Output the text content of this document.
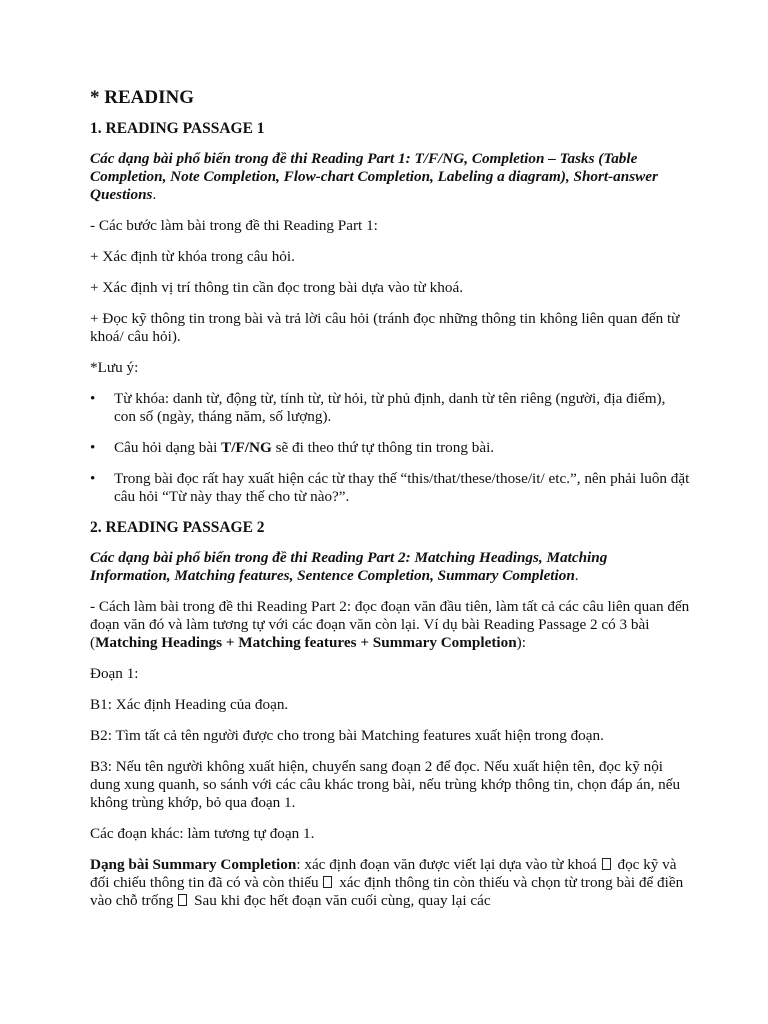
* READING
1. READING PASSAGE 1

Các dạng bài phổ biến trong đề thi Reading Part 1: T/F/NG, Completion – Tasks (Table Completion, Note Completion, Flow-chart Completion, Labeling a diagram), Short-answer Questions.

- Các bước làm bài trong đề thi Reading Part 1:

+ Xác định từ khóa trong câu hỏi.

+ Xác định vị trí thông tin cần đọc trong bài dựa vào từ khoá.

+ Đọc kỹ thông tin trong bài và trả lời câu hỏi (tránh đọc những thông tin không liên quan đến từ khoá/ câu hỏi).

*Lưu ý:

• Từ khóa: danh từ, động từ, tính từ, từ hỏi, từ phủ định, danh từ tên riêng (người, địa điểm), con số (ngày, tháng năm, số lượng).
• Câu hỏi dạng bài T/F/NG sẽ đi theo thứ tự thông tin trong bài.
• Trong bài đọc rất hay xuất hiện các từ thay thế “this/that/these/those/it/ etc.”, nên phải luôn đặt câu hỏi “Từ này thay thế cho từ nào?”.
2. READING PASSAGE 2

Các dạng bài phổ biến trong đề thi Reading Part 2: Matching Headings, Matching Information, Matching features, Sentence Completion, Summary Completion.

- Cách làm bài trong đề thi Reading Part 2: đọc đoạn văn đầu tiên, làm tất cả các câu liên quan đến đoạn văn đó và làm tương tự với các đoạn văn còn lại. Ví dụ bài Reading Passage 2 có 3 bài (Matching Headings + Matching features + Summary Completion):

Đoạn 1:

B1: Xác định Heading của đoạn.

B2: Tìm tất cả tên người được cho trong bài Matching features xuất hiện trong đoạn.

B3: Nếu tên người không xuất hiện, chuyển sang đoạn 2 để đọc. Nếu xuất hiện tên, đọc kỹ nội dung xung quanh, so sánh với các câu khác trong bài, nếu trùng khớp thông tin, chọn đáp án, nếu không trùng khớp, bỏ qua đoạn 1.

Các đoạn khác: làm tương tự đoạn 1.

Dạng bài Summary Completion: xác định đoạn văn được viết lại dựa vào từ khoá  đọc kỹ và đối chiếu thông tin đã có và còn thiếu  xác định thông tin còn thiếu và chọn từ trong bài để điền vào chỗ trống  Sau khi đọc hết đoạn văn cuối cùng, quay lại các
